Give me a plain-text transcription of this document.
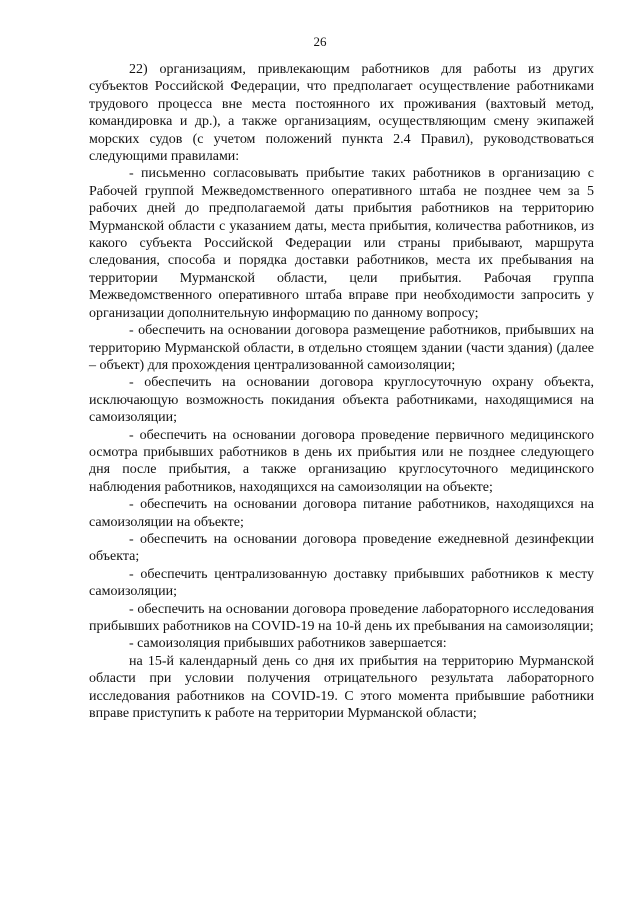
26

22) организациям, привлекающим работников для работы из других субъектов Российской Федерации, что предполагает осуществление работниками трудового процесса вне места постоянного их проживания (вахтовый метод, командировка и др.), а также организациям, осуществляющим смену экипажей морских судов (с учетом положений пункта 2.4 Правил), руководствоваться следующими правилами:

- письменно согласовывать прибытие таких работников в организацию с Рабочей группой Межведомственного оперативного штаба не позднее чем за 5 рабочих дней до предполагаемой даты прибытия работников на территорию Мурманской области с указанием даты, места прибытия, количества работников, из какого субъекта Российской Федерации или страны прибывают, маршрута следования, способа и порядка доставки работников, места их пребывания на территории Мурманской области, цели прибытия. Рабочая группа Межведомственного оперативного штаба вправе при необходимости запросить у организации дополнительную информацию по данному вопросу;

- обеспечить на основании договора размещение работников, прибывших на территорию Мурманской области, в отдельно стоящем здании (части здания) (далее – объект) для прохождения централизованной самоизоляции;

- обеспечить на основании договора круглосуточную охрану объекта, исключающую возможность покидания объекта работниками, находящимися на самоизоляции;

- обеспечить на основании договора проведение первичного медицинского осмотра прибывших работников в день их прибытия или не позднее следующего дня после прибытия, а также организацию круглосуточного медицинского наблюдения работников, находящихся на самоизоляции на объекте;

- обеспечить на основании договора питание работников, находящихся на самоизоляции на объекте;

- обеспечить на основании договора проведение ежедневной дезинфекции объекта;

- обеспечить централизованную доставку прибывших работников к месту самоизоляции;

- обеспечить на основании договора проведение лабораторного исследования прибывших работников на COVID-19 на 10-й день их пребывания на самоизоляции;

- самоизоляция прибывших работников завершается:

на 15-й календарный день со дня их прибытия на территорию Мурманской области при условии получения отрицательного результата лабораторного исследования работников на COVID-19. С этого момента прибывшие работники вправе приступить к работе на территории Мурманской области;
